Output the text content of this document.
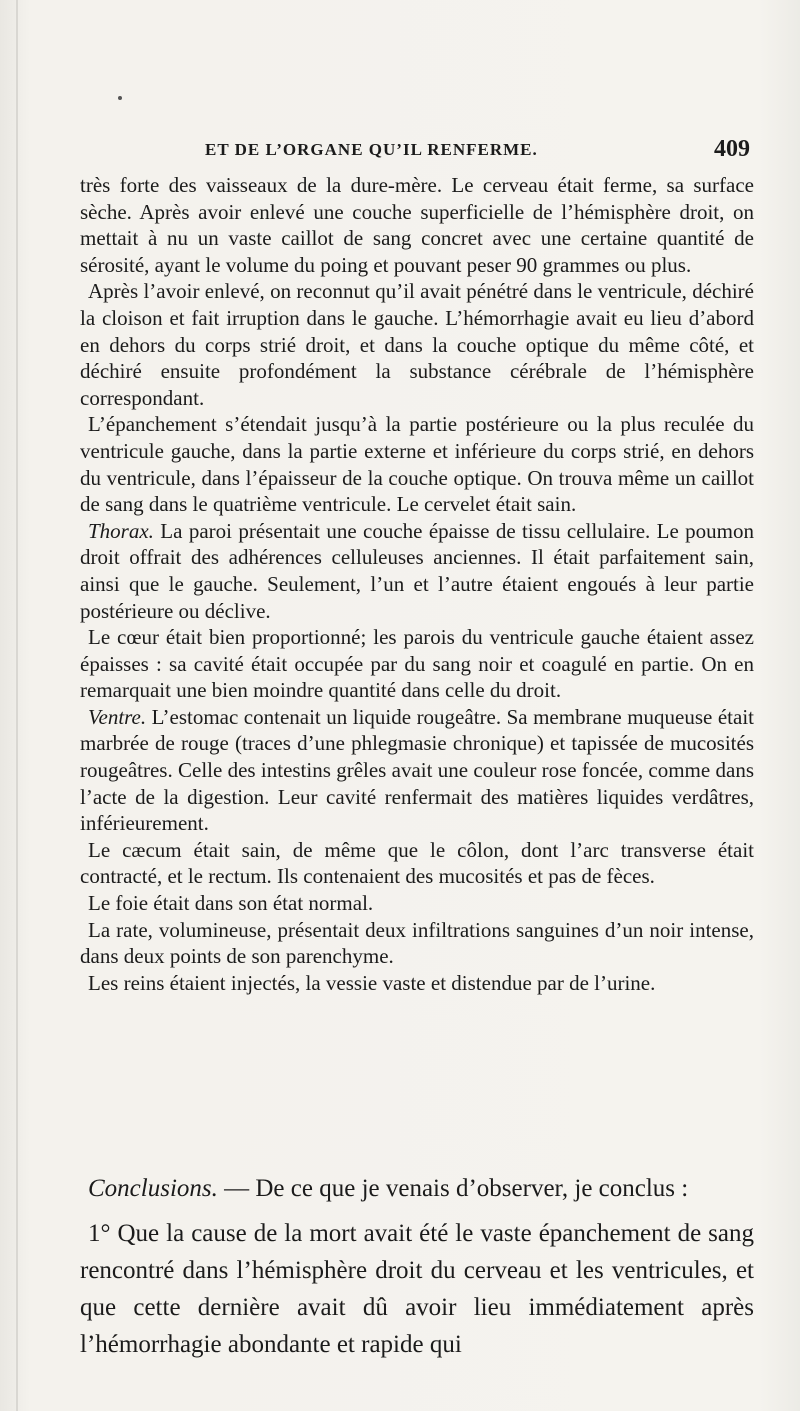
ET DE L’ORGANE QU’IL RENFERME.	409

très forte des vaisseaux de la dure-mère. Le cerveau était ferme, sa surface sèche. Après avoir enlevé une couche superficielle de l’hémisphère droit, on mettait à nu un vaste caillot de sang concret avec une certaine quantité de sérosité, ayant le volume du poing et pouvant peser 90 grammes ou plus.

Après l’avoir enlevé, on reconnut qu’il avait pénétré dans le ventricule, déchiré la cloison et fait irruption dans le gauche. L’hémorrhagie avait eu lieu d’abord en dehors du corps strié droit, et dans la couche optique du même côté, et déchiré ensuite profondément la substance cérébrale de l’hémisphère correspondant.

L’épanchement s’étendait jusqu’à la partie postérieure ou la plus reculée du ventricule gauche, dans la partie externe et inférieure du corps strié, en dehors du ventricule, dans l’épaisseur de la couche optique. On trouva même un caillot de sang dans le quatrième ventricule. Le cervelet était sain.

Thorax. La paroi présentait une couche épaisse de tissu cellulaire. Le poumon droit offrait des adhérences celluleuses anciennes. Il était parfaitement sain, ainsi que le gauche. Seulement, l’un et l’autre étaient engoués à leur partie postérieure ou déclive.

Le cœur était bien proportionné; les parois du ventricule gauche étaient assez épaisses : sa cavité était occupée par du sang noir et coagulé en partie. On en remarquait une bien moindre quantité dans celle du droit.

Ventre. L’estomac contenait un liquide rougeâtre. Sa membrane muqueuse était marbrée de rouge (traces d’une phlegmasie chronique) et tapissée de mucosités rougeâtres. Celle des intestins grêles avait une couleur rose foncée, comme dans l’acte de la digestion. Leur cavité renfermait des matières liquides verdâtres, inférieurement.

Le cæcum était sain, de même que le côlon, dont l’arc transverse était contracté, et le rectum. Ils contenaient des mucosités et pas de fèces.

Le foie était dans son état normal.

La rate, volumineuse, présentait deux infiltrations sanguines d’un noir intense, dans deux points de son parenchyme.

Les reins étaient injectés, la vessie vaste et distendue par de l’urine.

Conclusions. — De ce que je venais d’observer, je conclus :

1° Que la cause de la mort avait été le vaste épanchement de sang rencontré dans l’hémisphère droit du cerveau et les ventricules, et que cette dernière avait dû avoir lieu immédiatement après l’hémorrhagie abondante et rapide qui
